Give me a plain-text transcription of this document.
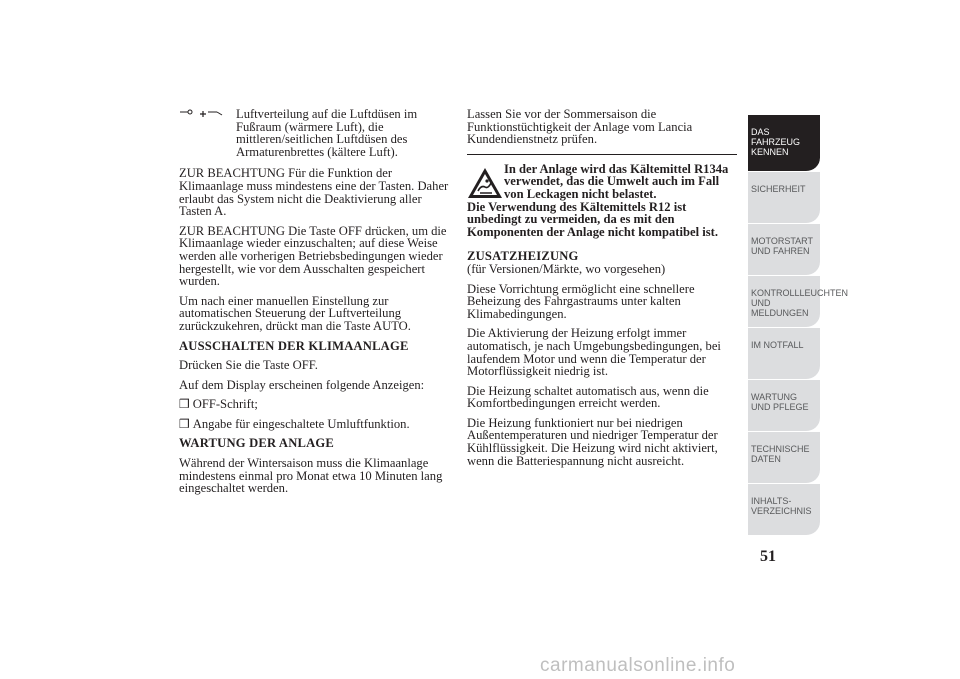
Luftverteilung auf die Luftdüsen im Fußraum (wärmere Luft), die mittleren/seitlichen Luftdüsen des Armaturenbrettes (kältere Luft).

ZUR BEACHTUNG Für die Funktion der Klimaanlage muss mindestens eine der Tasten. Daher erlaubt das System nicht die Deaktivierung aller Tasten A.

ZUR BEACHTUNG Die Taste OFF drücken, um die Klimaanlage wieder einzuschalten; auf diese Weise werden alle vorherigen Betriebsbedingungen wieder hergestellt, wie vor dem Ausschalten gespeichert wurden.

Um nach einer manuellen Einstellung zur automatischen Steuerung der Luftverteilung zurückzukehren, drückt man die Taste AUTO.

AUSSCHALTEN DER KLIMAANLAGE

Drücken Sie die Taste OFF.

Auf dem Display erscheinen folgende Anzeigen:

❒ OFF-Schrift;
❒ Angabe für eingeschaltete Umluftfunktion.

WARTUNG DER ANLAGE

Während der Wintersaison muss die Klimaanlage mindestens einmal pro Monat etwa 10 Minuten lang eingeschaltet werden.

Lassen Sie vor der Sommersaison die Funktionstüchtigkeit der Anlage vom Lancia Kundendienstnetz prüfen.

In der Anlage wird das Kältemittel R134a verwendet, das die Umwelt auch im Fall von Leckagen nicht belastet.
Die Verwendung des Kältemittels R12 ist unbedingt zu vermeiden, da es mit den Komponenten der Anlage nicht kompatibel ist.

ZUSATZHEIZUNG
(für Versionen/Märkte, wo vorgesehen)

Diese Vorrichtung ermöglicht eine schnellere Beheizung des Fahrgastraums unter kalten Klimabedingungen.

Die Aktivierung der Heizung erfolgt immer automatisch, je nach Umgebungsbedingungen, bei laufendem Motor und wenn die Temperatur der Motorflüssigkeit niedrig ist.

Die Heizung schaltet automatisch aus, wenn die Komfortbedingungen erreicht werden.

Die Heizung funktioniert nur bei niedrigen Außentemperaturen und niedriger Temperatur der Kühlflüssigkeit. Die Heizung wird nicht aktiviert, wenn die Batteriespannung nicht ausreicht.

DAS FAHRZEUG KENNEN
SICHERHEIT
MOTORSTART UND FAHREN
KONTROLLLEUCHTEN UND MELDUNGEN
IM NOTFALL
WARTUNG UND PFLEGE
TECHNISCHE DATEN
INHALTS-VERZEICHNIS
51
carmanualsonline.info
